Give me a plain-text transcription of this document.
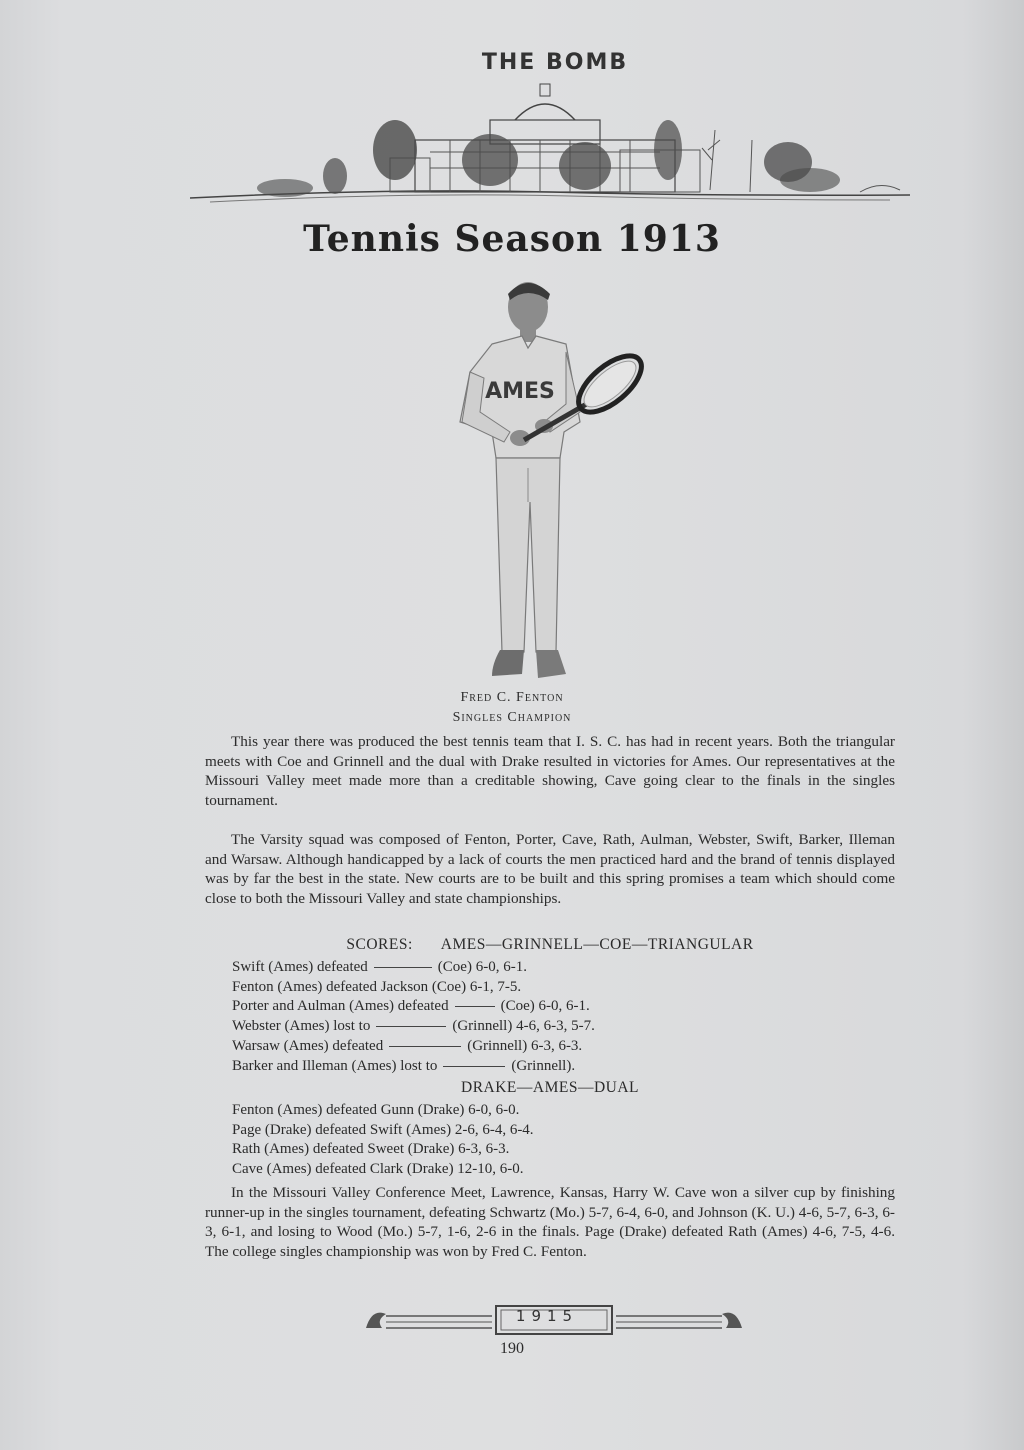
THE BOMB
Tennis Season 1913
AMES
Fred C. Fenton
Singles Champion
This year there was produced the best tennis team that I. S. C. has had in recent years. Both the triangular meets with Coe and Grinnell and the dual with Drake resulted in victories for Ames. Our representatives at the Missouri Valley meet made more than a creditable showing, Cave going clear to the finals in the singles tournament.
The Varsity squad was composed of Fenton, Porter, Cave, Rath, Aulman, Webster, Swift, Barker, Illeman and Warsaw. Although handicapped by a lack of courts the men practiced hard and the brand of tennis displayed was by far the best in the state. New courts are to be built and this spring promises a team which should come close to both the Missouri Valley and state championships.
SCORES: AMES—GRINNELL—COE—TRIANGULAR
Swift (Ames) defeated	(Coe) 6-0, 6-1.
Fenton (Ames) defeated Jackson (Coe) 6-1, 7-5.
Porter and Aulman (Ames) defeated	(Coe) 6-0, 6-1.
Webster (Ames) lost to	(Grinnell) 4-6, 6-3, 5-7.
Warsaw (Ames) defeated	(Grinnell) 6-3, 6-3.
Barker and Illeman (Ames) lost to	(Grinnell).
DRAKE—AMES—DUAL
Fenton (Ames) defeated Gunn (Drake) 6-0, 6-0.
Page (Drake) defeated Swift (Ames) 2-6, 6-4, 6-4.
Rath (Ames) defeated Sweet (Drake) 6-3, 6-3.
Cave (Ames) defeated Clark (Drake) 12-10, 6-0.
In the Missouri Valley Conference Meet, Lawrence, Kansas, Harry W. Cave won a silver cup by finishing runner-up in the singles tournament, defeating Schwartz (Mo.) 5-7, 6-4, 6-0, and Johnson (K. U.) 4-6, 5-7, 6-3, 6-3, 6-1, and losing to Wood (Mo.) 5-7, 1-6, 2-6 in the finals. Page (Drake) defeated Rath (Ames) 4-6, 7-5, 4-6. The college singles championship was won by Fred C. Fenton.
1915
190
